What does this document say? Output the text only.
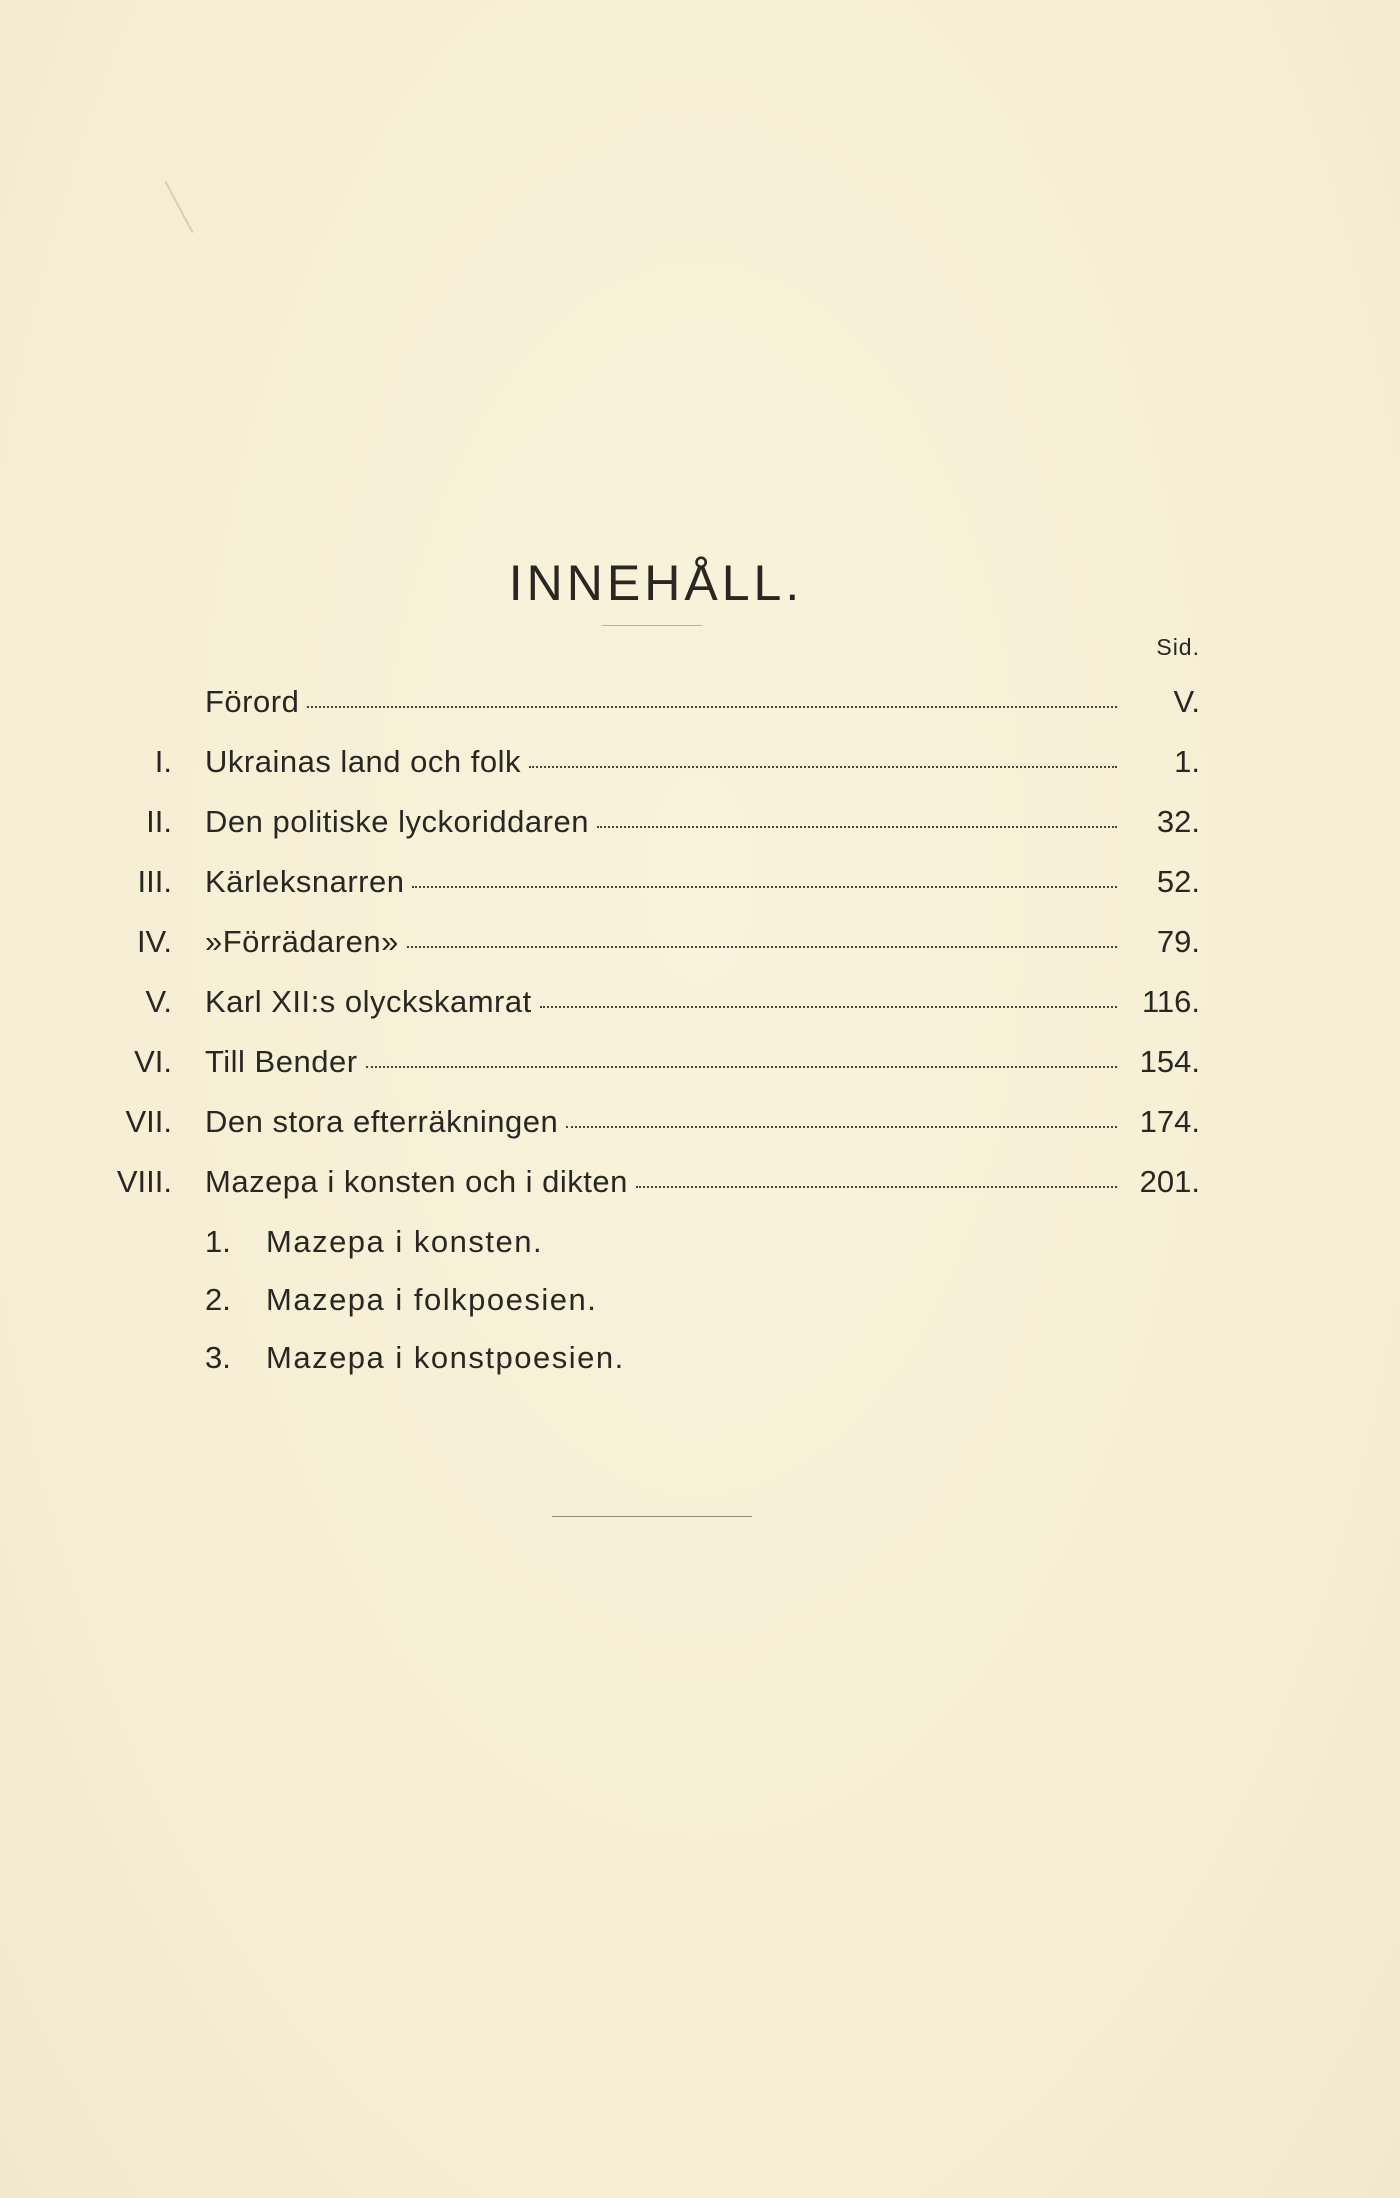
INNEHÅLL.
Sid.
Förord	V.
I. Ukrainas land och folk	1.
II. Den politiske lyckoriddaren	32.
III. Kärleksnarren	52.
IV. »Förrädaren»	79.
V. Karl XII:s olyckskamrat	116.
VI. Till Bender	154.
VII. Den stora efterräkningen	174.
VIII. Mazepa i konsten och i dikten	201.
1. Mazepa i konsten.
2. Mazepa i folkpoesien.
3. Mazepa i konstpoesien.
